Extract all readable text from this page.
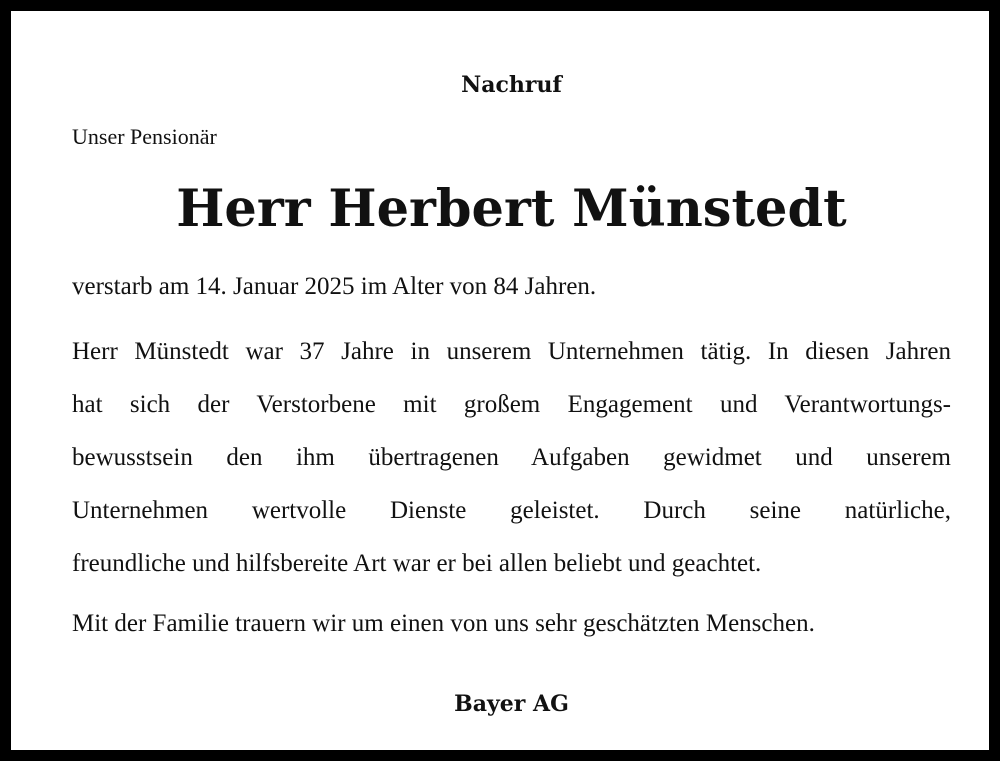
Nachruf
Unser Pensionär
Herr Herbert Münstedt
verstarb am 14. Januar 2025 im Alter von 84 Jahren.
Herr Münstedt war 37 Jahre in unserem Unternehmen tätig. In diesen Jahren
hat sich der Verstorbene mit großem Engagement und Verantwortungs-
bewusstsein den ihm übertragenen Aufgaben gewidmet und unserem
Unternehmen wertvolle Dienste geleistet. Durch seine natürliche,
freundliche und hilfsbereite Art war er bei allen beliebt und geachtet.
Mit der Familie trauern wir um einen von uns sehr geschätzten Menschen.
Bayer AG
